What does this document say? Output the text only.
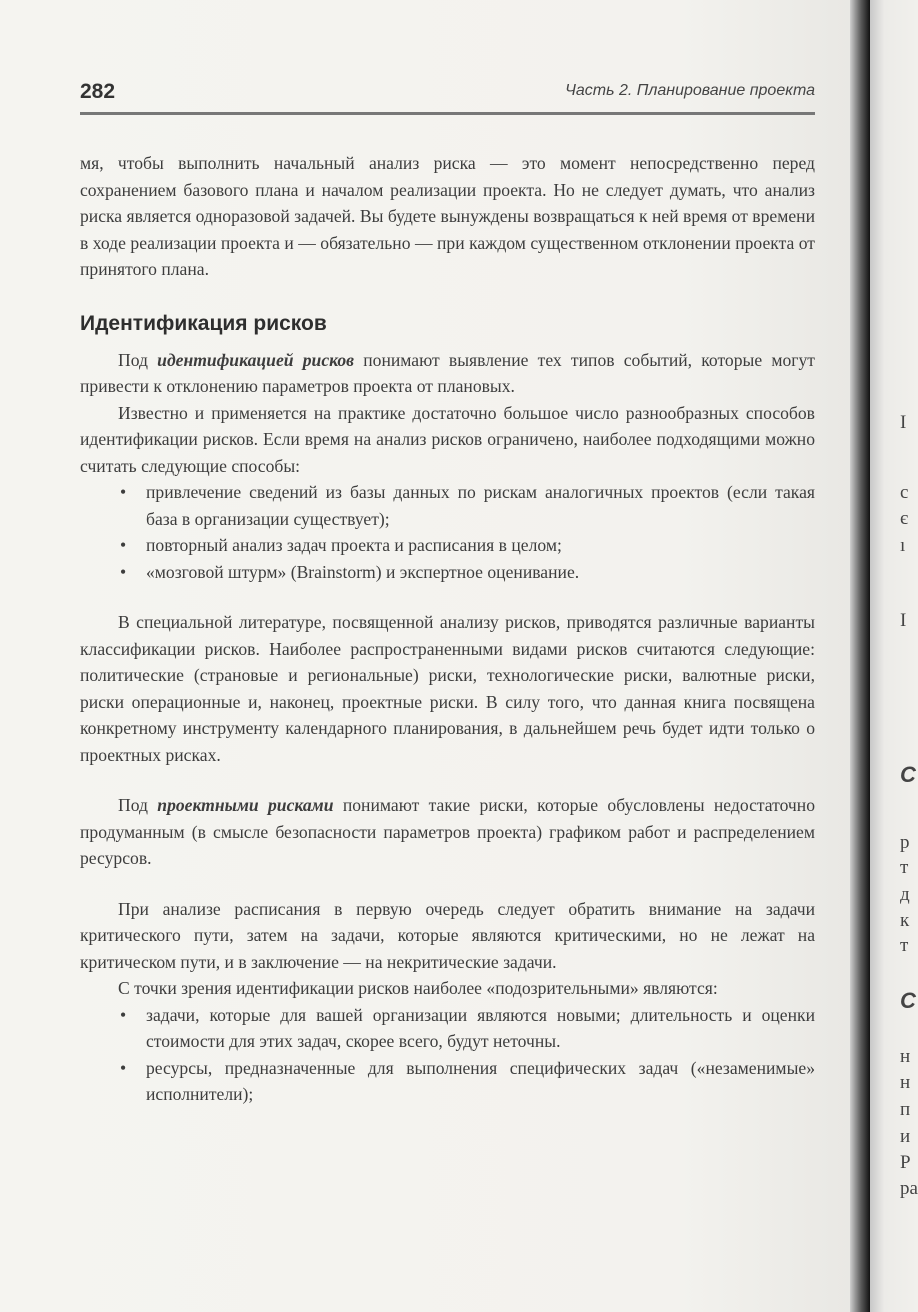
282	Часть 2. Планирование проекта

мя, чтобы выполнить начальный анализ риска — это момент непосредственно перед сохранением базового плана и началом реализации проекта. Но не следует думать, что анализ риска является одноразовой задачей. Вы будете вынуждены возвращаться к ней время от времени в ходе реализации проекта и — обязательно — при каждом существенном отклонении проекта от принятого плана.

Идентификация рисков

Под идентификацией рисков понимают выявление тех типов событий, которые могут привести к отклонению параметров проекта от плановых.

Известно и применяется на практике достаточно большое число разнообразных способов идентификации рисков. Если время на анализ рисков ограничено, наиболее подходящими можно считать следующие способы:

• привлечение сведений из базы данных по рискам аналогичных проектов (если такая база в организации существует);
• повторный анализ задач проекта и расписания в целом;
• «мозговой штурм» (Brainstorm) и экспертное оценивание.

В специальной литературе, посвященной анализу рисков, приводятся различные варианты классификации рисков. Наиболее распространенными видами рисков считаются следующие: политические (страновые и региональные) риски, технологические риски, валютные риски, риски операционные и, наконец, проектные риски. В силу того, что данная книга посвящена конкретному инструменту календарного планирования, в дальнейшем речь будет идти только о проектных рисках.

Под проектными рисками понимают такие риски, которые обусловлены недостаточно продуманным (в смысле безопасности параметров проекта) графиком работ и распределением ресурсов.

При анализе расписания в первую очередь следует обратить внимание на задачи критического пути, затем на задачи, которые являются критическими, но не лежат на критическом пути, и в заключение — на некритические задачи.

С точки зрения идентификации рисков наиболее «подозрительными» являются:

• задачи, которые для вашей организации являются новыми; длительность и оценки стоимости для этих задач, скорее всего, будут неточны.
• ресурсы, предназначенные для выполнения специфических задач («незаменимые» исполнители);
I
c
є
ı
I
C
p
т
д
к
т
C
н
н
п
и
P
pa
